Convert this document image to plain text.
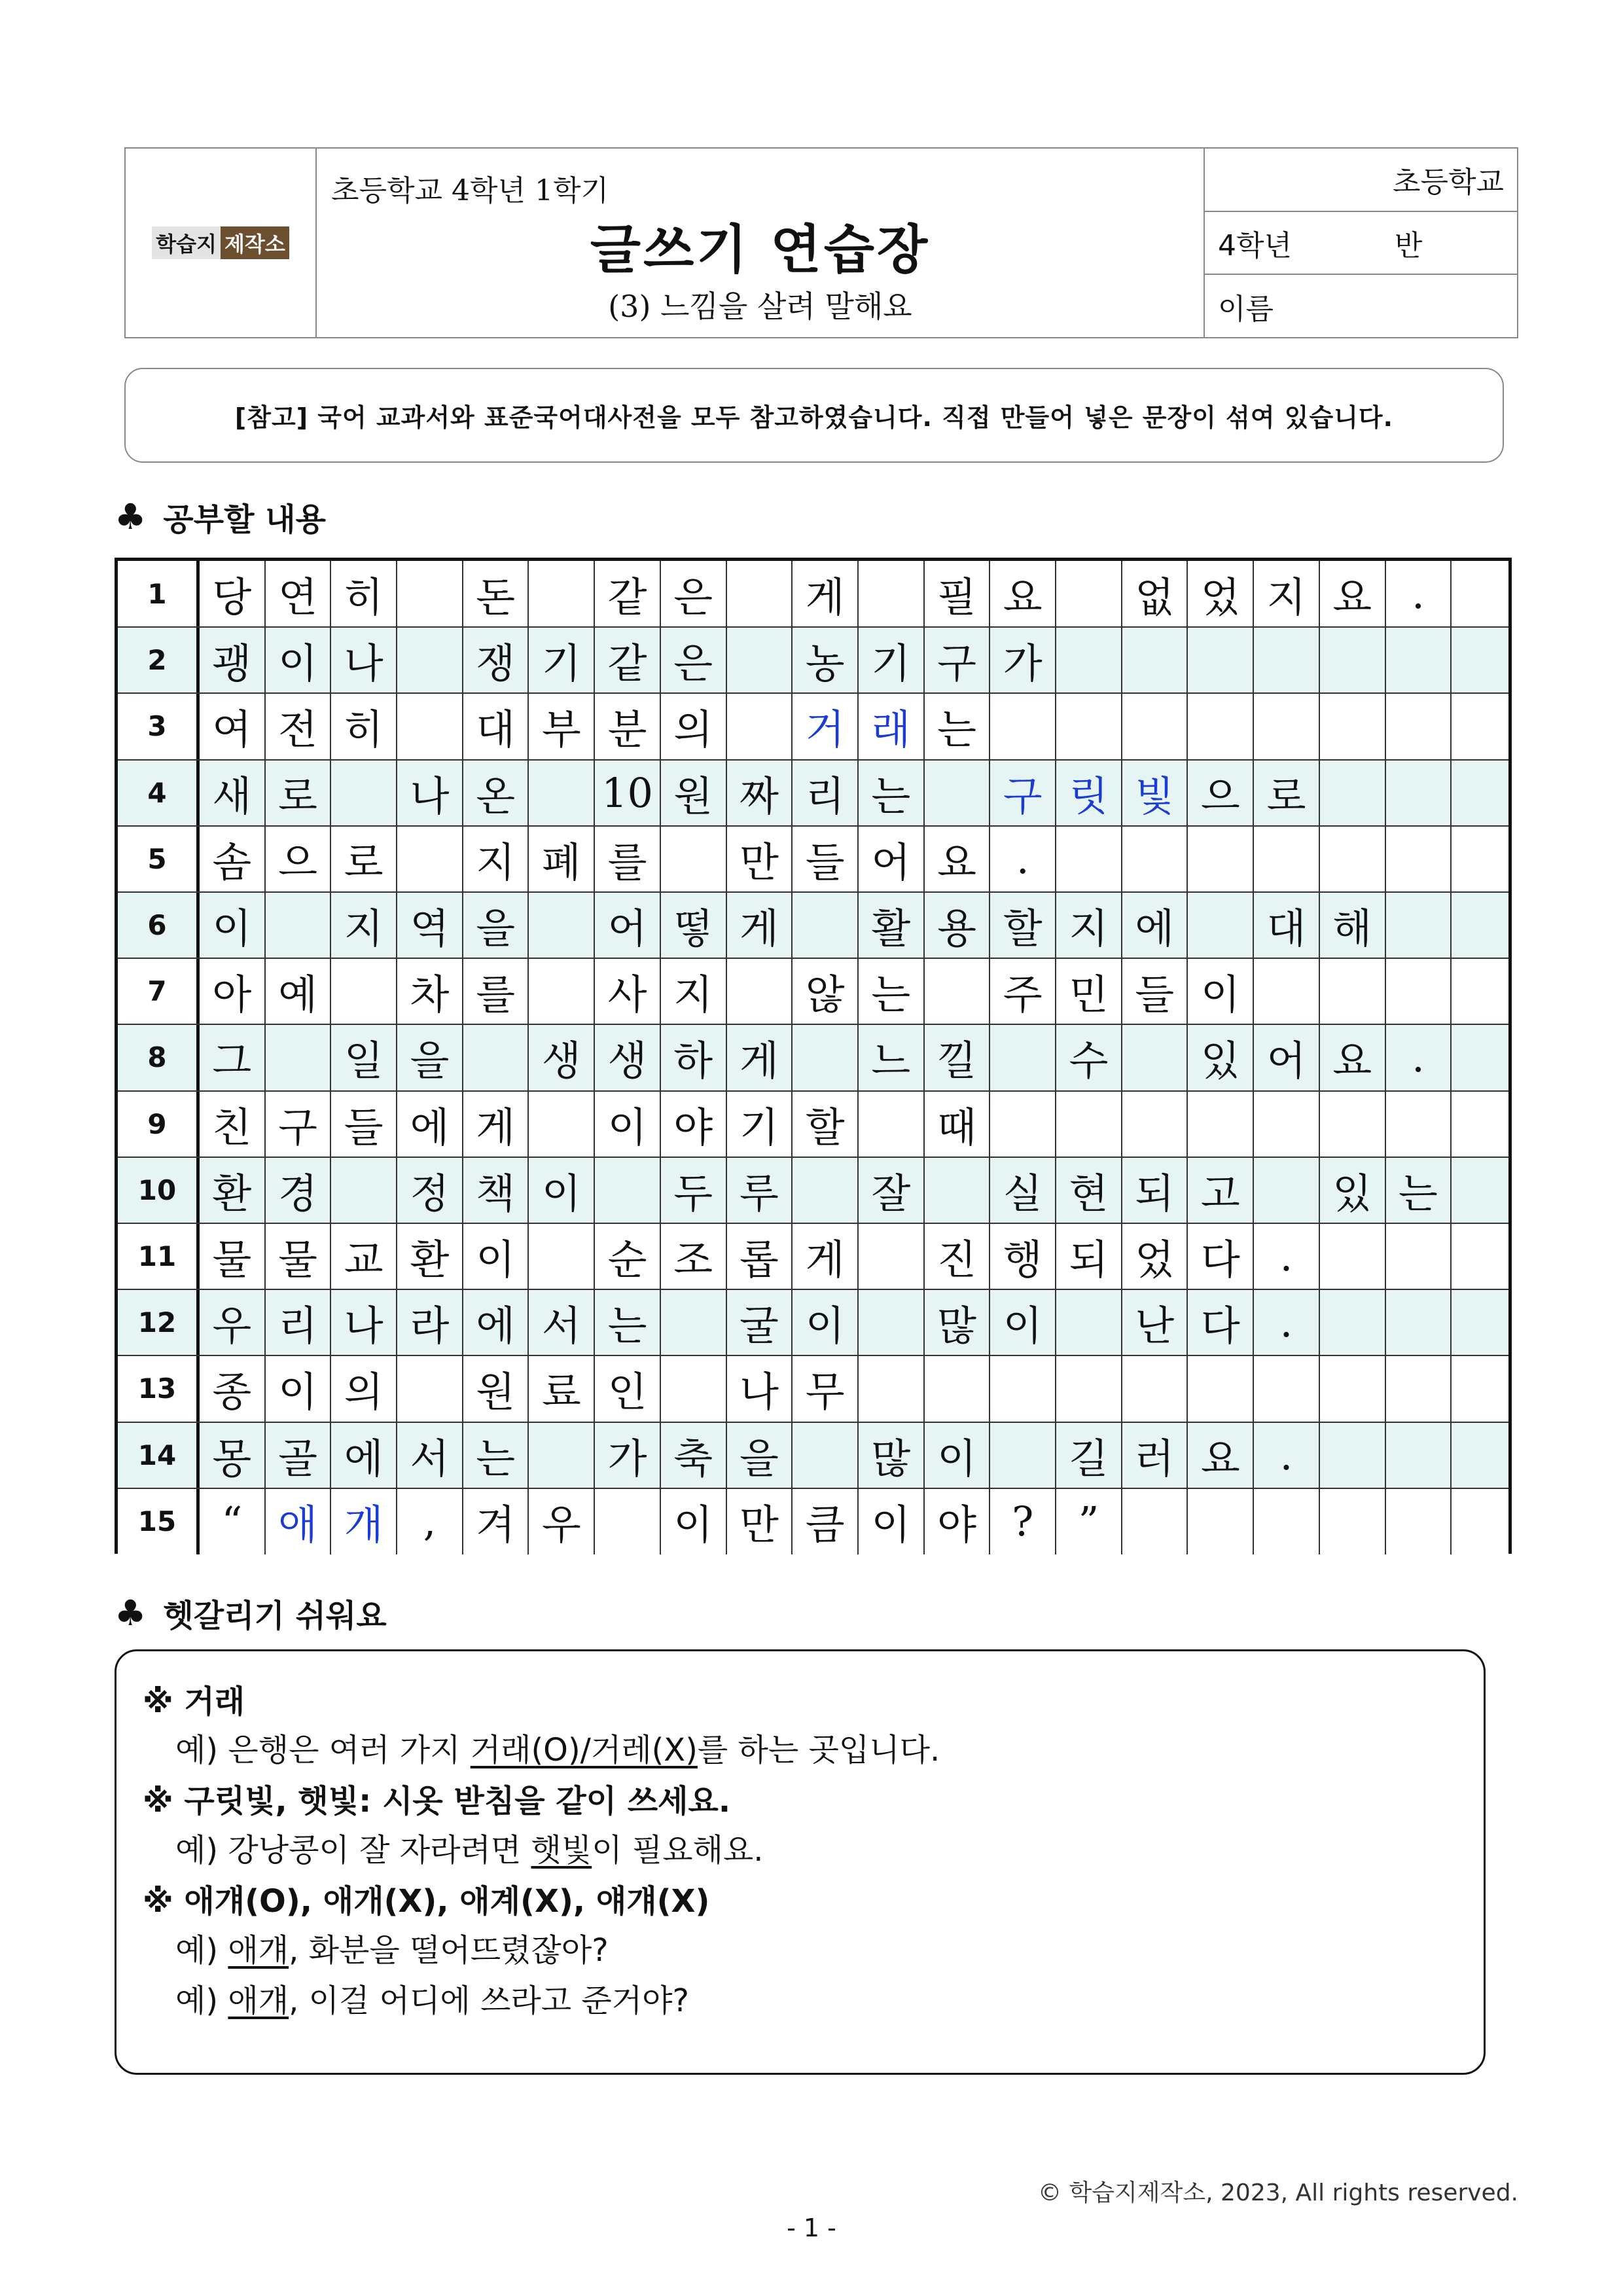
학습지 제작소
초등학교 4학년 1학기
글쓰기 연습장
(3) 느낌을 살려 말해요
초등학교
4학년	반
이름
[참고] 국어 교과서와 표준국어대사전을 모두 참고하였습니다. 직접 만들어 넣은 문장이 섞여 있습니다.
♣ 공부할 내용
1	당 연 히	돈	같 은	게	필 요	없 었 지 요 .
2	괭 이 나	쟁 기 같 은	농 기 구 가
3	여 전 히	대 부 분 의	거 래 는
4	새 로	나 온	10 원 짜 리 는	구 릿 빛 으 로
5	솜 으 로	지 폐 를	만 들 어 요 .
6	이	지 역 을	어 떻 게	활 용 할 지 에	대 해
7	아 예	차 를	사 지	않 는	주 민 들 이
8	그	일 을	생 생 하 게	느 낄	수	있 어 요 .
9	친 구 들 에 게	이 야 기 할	때
10 환 경	정 책 이	두 루	잘	실 현 되 고	있 는
11 물 물 교 환 이	순 조 롭 게	진 행 되 었 다 .
12 우 리 나 라 에 서 는	굴 이	많 이	난 다 .
13 종 이 의	원 료 인	나 무
14 몽 골 에 서 는	가 축 을	많 이	길 러 요 .
15	“ 애 개 , 겨 우	이 만 큼 이 야 ?	”
♣ 헷갈리기 쉬워요
※ 거래
예) 은행은 여러 가지 거래(O)/거레(X)를 하는 곳입니다.
※ 구릿빛, 햇빛: 시옷 받침을 같이 쓰세요.
예) 강낭콩이 잘 자라려면 햇빛이 필요해요.
※ 애걔(O), 애개(X), 애계(X), 얘걔(X)
예) 애걔, 화분을 떨어뜨렸잖아?
예) 애걔, 이걸 어디에 쓰라고 준거야?
© 학습지제작소, 2023, All rights reserved.
- 1 -
